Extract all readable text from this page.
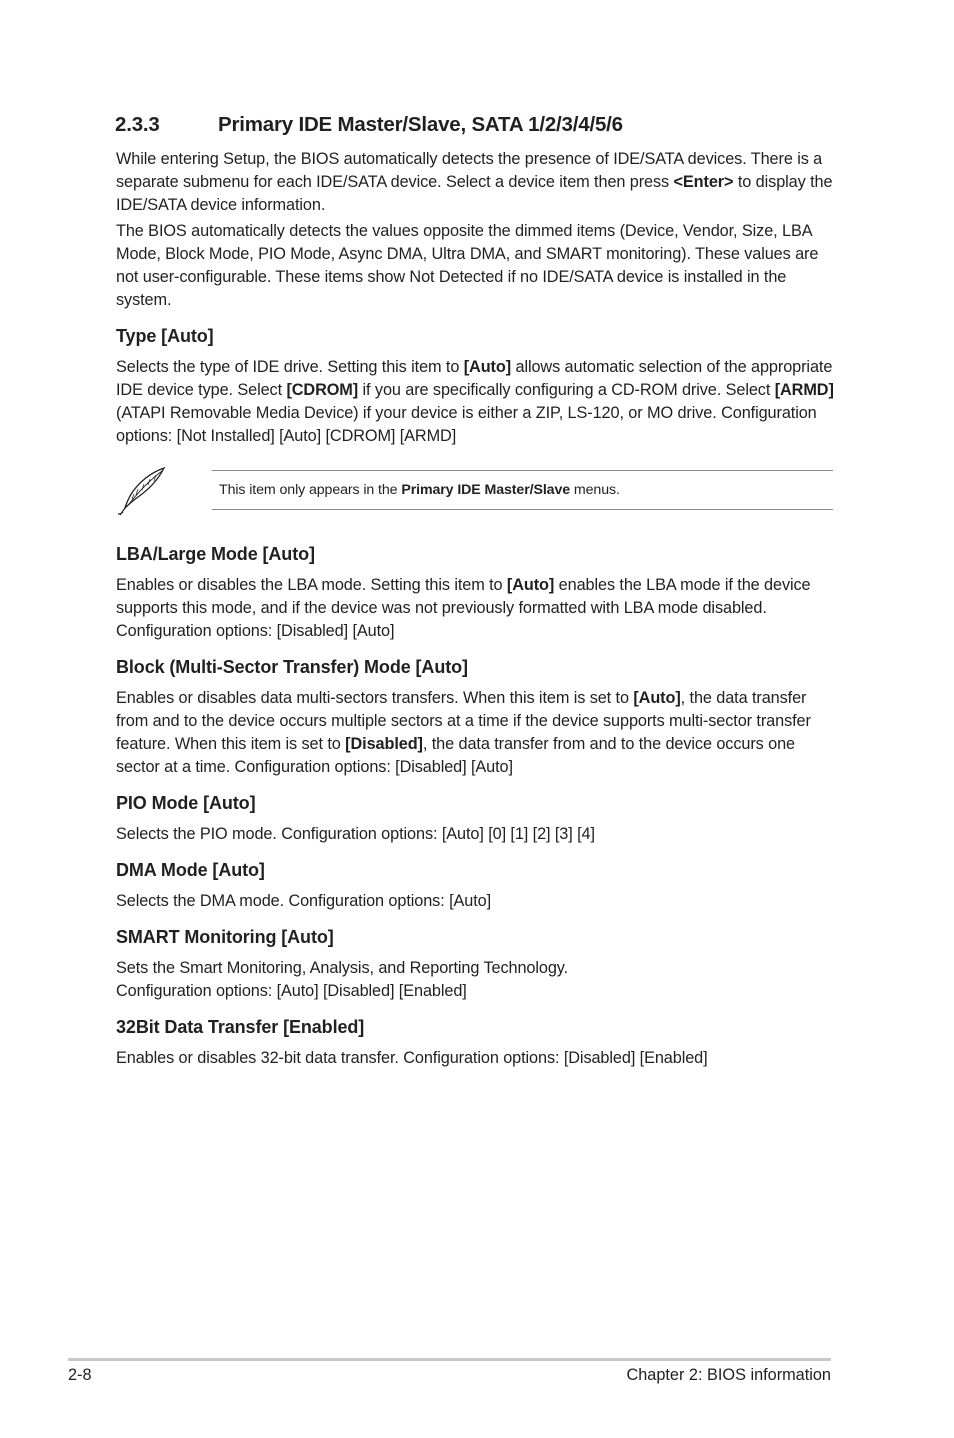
2.3.3	Primary IDE Master/Slave, SATA 1/2/3/4/5/6

While entering Setup, the BIOS automatically detects the presence of IDE/SATA devices. There is a separate submenu for each IDE/SATA device. Select a device item then press <Enter> to display the IDE/SATA device information.

The BIOS automatically detects the values opposite the dimmed items (Device, Vendor, Size, LBA Mode, Block Mode, PIO Mode, Async DMA, Ultra DMA, and SMART monitoring). These values are not user-configurable. These items show Not Detected if no IDE/SATA device is installed in the system.

Type [Auto]

Selects the type of IDE drive. Setting this item to [Auto] allows automatic selection of the appropriate IDE device type. Select [CDROM] if you are specifically configuring a CD-ROM drive. Select [ARMD] (ATAPI Removable Media Device) if your device is either a ZIP, LS-120, or MO drive. Configuration options: [Not Installed] [Auto] [CDROM] [ARMD]

This item only appears in the Primary IDE Master/Slave menus.
LBA/Large Mode [Auto]

Enables or disables the LBA mode. Setting this item to [Auto] enables the LBA mode if the device supports this mode, and if the device was not previously formatted with LBA mode disabled. Configuration options: [Disabled] [Auto]

Block (Multi-Sector Transfer) Mode [Auto]

Enables or disables data multi-sectors transfers. When this item is set to [Auto], the data transfer from and to the device occurs multiple sectors at a time if the device supports multi-sector transfer feature. When this item is set to [Disabled], the data transfer from and to the device occurs one sector at a time. Configuration options: [Disabled] [Auto]

PIO Mode [Auto]

Selects the PIO mode. Configuration options: [Auto] [0] [1] [2] [3] [4]

DMA Mode [Auto]

Selects the DMA mode. Configuration options: [Auto]

SMART Monitoring [Auto]

Sets the Smart Monitoring, Analysis, and Reporting Technology.
Configuration options: [Auto] [Disabled] [Enabled]

32Bit Data Transfer [Enabled]

Enables or disables 32-bit data transfer. Configuration options: [Disabled] [Enabled]

2-8	Chapter 2: BIOS information
